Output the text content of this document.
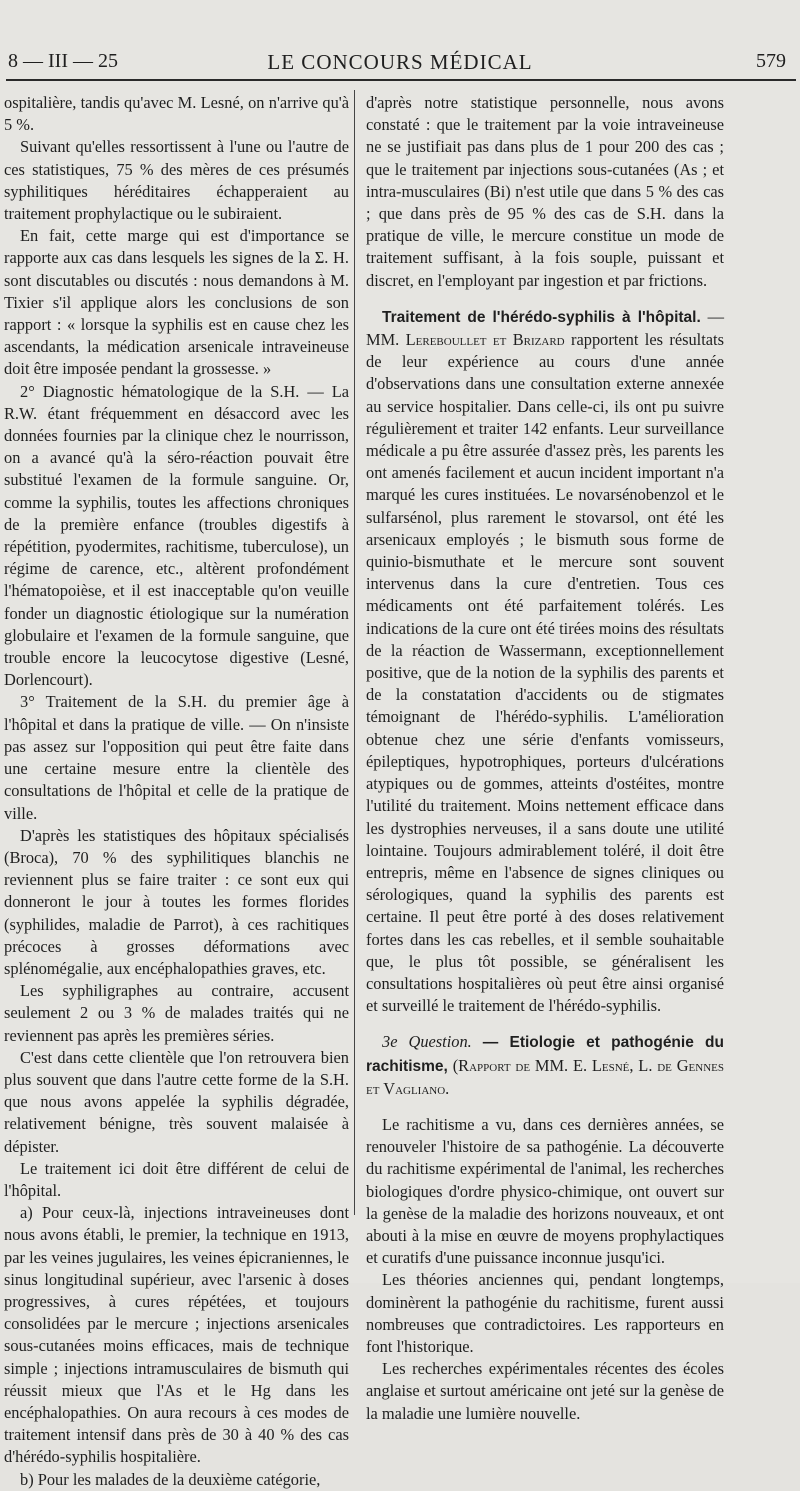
8 — III — 25	LE CONCOURS MÉDICAL	579

ospitalière, tandis qu'avec M. Lesné, on n'arrive qu'à 5 %.

Suivant qu'elles ressortissent à l'une ou l'autre de ces statistiques, 75 % des mères de ces présumés syphilitiques héréditaires échapperaient au traitement prophylactique ou le subiraient.

En fait, cette marge qui est d'importance se rapporte aux cas dans lesquels les signes de la Σ. H. sont discutables ou discutés : nous demandons à M. Tixier s'il applique alors les conclusions de son rapport : « lorsque la syphilis est en cause chez les ascendants, la médication arsenicale intraveineuse doit être imposée pendant la grossesse. »

2° Diagnostic hématologique de la S.H. — La R.W. étant fréquemment en désaccord avec les données fournies par la clinique chez le nourrisson, on a avancé qu'à la séro-réaction pouvait être substitué l'examen de la formule sanguine. Or, comme la syphilis, toutes les affections chroniques de la première enfance (troubles digestifs à répétition, pyodermites, rachitisme, tuberculose), un régime de carence, etc., altèrent profondément l'hématopoièse, et il est inacceptable qu'on veuille fonder un diagnostic étiologique sur la numération globulaire et l'examen de la formule sanguine, que trouble encore la leucocytose digestive (Lesné, Dorlencourt).

3° Traitement de la S.H. du premier âge à l'hôpital et dans la pratique de ville. — On n'insiste pas assez sur l'opposition qui peut être faite dans une certaine mesure entre la clientèle des consultations de l'hôpital et celle de la pratique de ville.

D'après les statistiques des hôpitaux spécialisés (Broca), 70 % des syphilitiques blanchis ne reviennent plus se faire traiter : ce sont eux qui donneront le jour à toutes les formes florides (syphilides, maladie de Parrot), à ces rachitiques précoces à grosses déformations avec splénomégalie, aux encéphalopathies graves, etc.

Les syphiligraphes au contraire, accusent seulement 2 ou 3 % de malades traités qui ne reviennent pas après les premières séries.

C'est dans cette clientèle que l'on retrouvera bien plus souvent que dans l'autre cette forme de la S.H. que nous avons appelée la syphilis dégradée, relativement bénigne, très souvent malaisée à dépister.

Le traitement ici doit être différent de celui de l'hôpital.

a) Pour ceux-là, injections intraveineuses dont nous avons établi, le premier, la technique en 1913, par les veines jugulaires, les veines épicraniennes, le sinus longitudinal supérieur, avec l'arsenic à doses progressives, à cures répétées, et toujours consolidées par le mercure ; injections arsenicales sous-cutanées moins efficaces, mais de technique simple ; injections intramusculaires de bismuth qui réussit mieux que l'As et le Hg dans les encéphalopathies. On aura recours à ces modes de traitement intensif dans près de 30 à 40 % des cas d'hérédo-syphilis hospitalière.

b) Pour les malades de la deuxième catégorie,

d'après notre statistique personnelle, nous avons constaté : que le traitement par la voie intraveineuse ne se justifiait pas dans plus de 1 pour 200 des cas ; que le traitement par injections sous-cutanées (As ; et intra-musculaires (Bi) n'est utile que dans 5 % des cas ; que dans près de 95 % des cas de S.H. dans la pratique de ville, le mercure constitue un mode de traitement suffisant, à la fois souple, puissant et discret, en l'employant par ingestion et par frictions.

Traitement de l'hérédo-syphilis à l'hôpital. — MM. Lereboullet et Brizard rapportent les résultats de leur expérience au cours d'une année d'observations dans une consultation externe annexée au service hospitalier. Dans celle-ci, ils ont pu suivre régulièrement et traiter 142 enfants. Leur surveillance médicale a pu être assurée d'assez près, les parents les ont amenés facilement et aucun incident important n'a marqué les cures instituées. Le novarsénobenzol et le sulfarsénol, plus rarement le stovarsol, ont été les arsenicaux employés ; le bismuth sous forme de quinio-bismuthate et le mercure sont souvent intervenus dans la cure d'entretien. Tous ces médicaments ont été parfaitement tolérés. Les indications de la cure ont été tirées moins des résultats de la réaction de Wassermann, exceptionnellement positive, que de la notion de la syphilis des parents et de la constatation d'accidents ou de stigmates témoignant de l'hérédo-syphilis. L'amélioration obtenue chez une série d'enfants vomisseurs, épileptiques, hypotrophiques, porteurs d'ulcérations atypiques ou de gommes, atteints d'ostéites, montre l'utilité du traitement. Moins nettement efficace dans les dystrophies nerveuses, il a sans doute une utilité lointaine. Toujours admirablement toléré, il doit être entrepris, même en l'absence de signes cliniques ou sérologiques, quand la syphilis des parents est certaine. Il peut être porté à des doses relativement fortes dans les cas rebelles, et il semble souhaitable que, le plus tôt possible, se généralisent les consultations hospitalières où peut être ainsi organisé et surveillé le traitement de l'hérédo-syphilis.

3e Question. — Etiologie et pathogénie du rachitisme, (Rapport de MM. E. Lesné, L. de Gennes et Vagliano.

Le rachitisme a vu, dans ces dernières années, se renouveler l'histoire de sa pathogénie. La découverte du rachitisme expérimental de l'animal, les recherches biologiques d'ordre physico-chimique, ont ouvert sur la genèse de la maladie des horizons nouveaux, et ont abouti à la mise en œuvre de moyens prophylactiques et curatifs d'une puissance inconnue jusqu'ici.

Les théories anciennes qui, pendant longtemps, dominèrent la pathogénie du rachitisme, furent aussi nombreuses que contradictoires. Les rapporteurs en font l'historique.

Les recherches expérimentales récentes des écoles anglaise et surtout américaine ont jeté sur la genèse de la maladie une lumière nouvelle.
